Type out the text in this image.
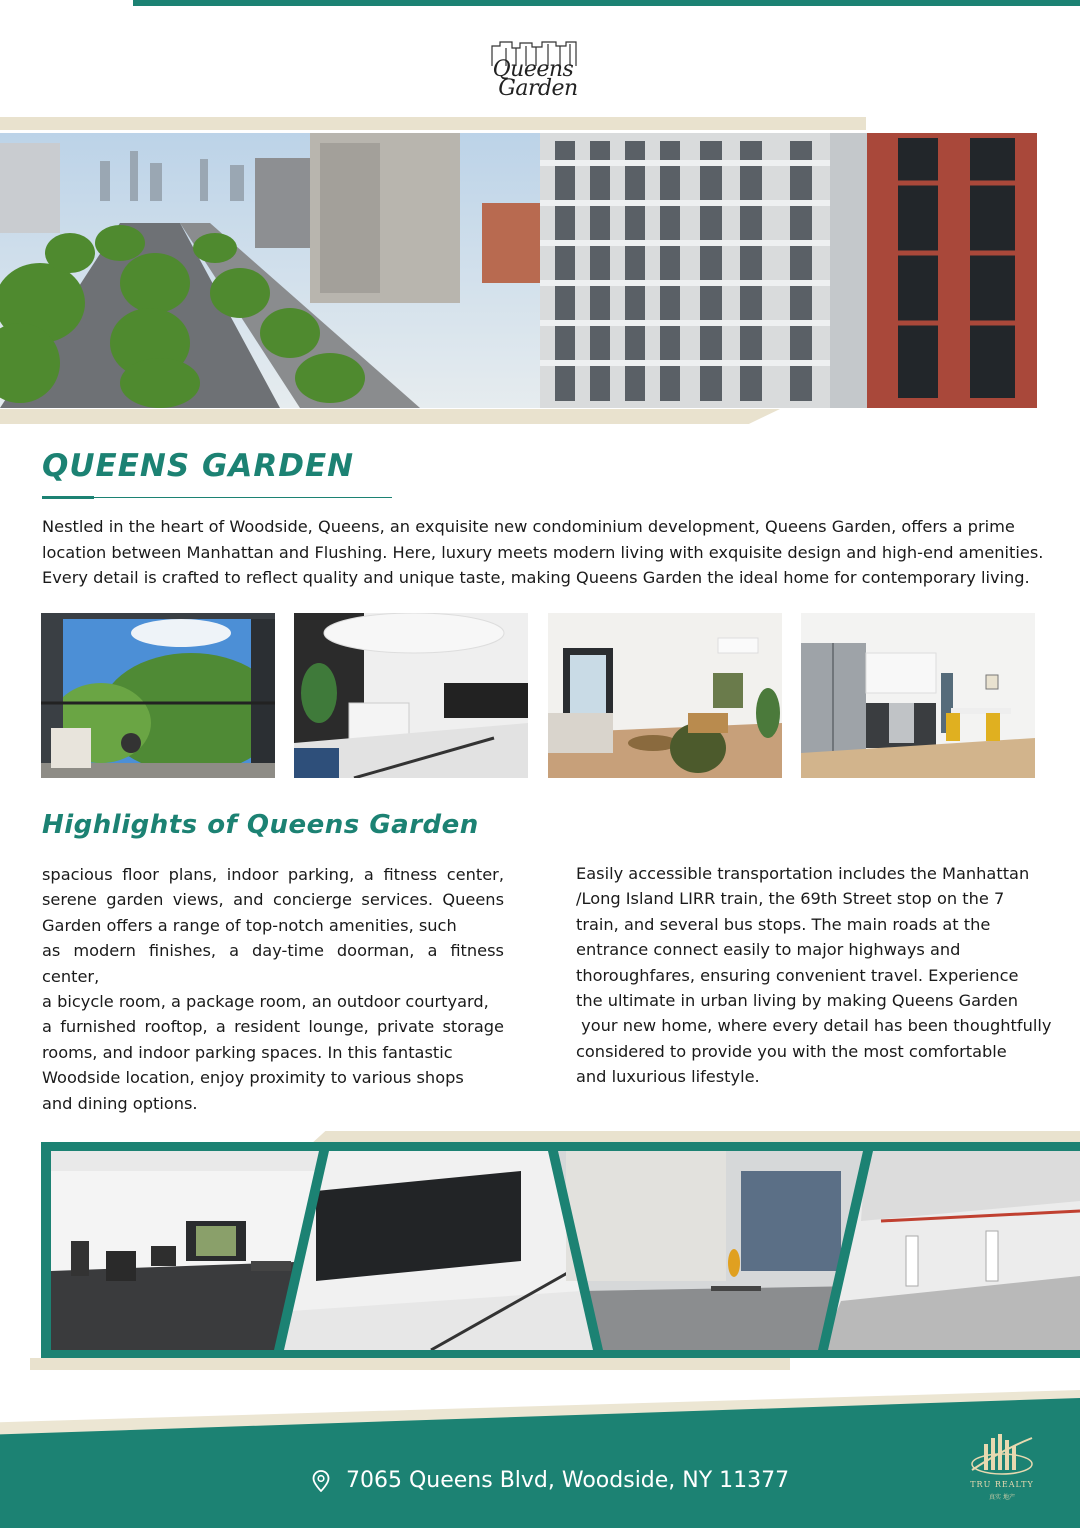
Queens
Garden
QUEENS GARDEN
Nestled in the heart of Woodside, Queens, an exquisite new condominium development, Queens Garden, offers a prime location between Manhattan and Flushing. Here, luxury meets modern living with exquisite design and high-end amenities. Every detail is crafted to reflect quality and unique taste, making Queens Garden the ideal home for contemporary living.
Highlights of Queens Garden

spacious floor plans, indoor parking, a fitness center,

serene garden views, and concierge services. Queens

Garden offers a range of top-notch amenities, such

as modern finishes, a day-time doorman, a fitness center,

a bicycle room, a package room, an outdoor courtyard,

a furnished rooftop, a resident lounge, private storage

rooms, and indoor parking spaces. In this fantastic

Woodside location, enjoy proximity to various shops

and dining options.

Easily accessible transportation includes the Manhattan

/Long Island LIRR train, the 69th Street stop on the 7

train, and several bus stops. The main roads at the

entrance connect easily to major highways and

thoroughfares, ensuring convenient travel. Experience

the ultimate in urban living by making Queens Garden

your new home, where every detail has been thoughtfully

considered to provide you with the most comfortable

and luxurious lifestyle.

7065 Queens Blvd, Woodside, NY 11377	TRU REALTY
真实 地产
